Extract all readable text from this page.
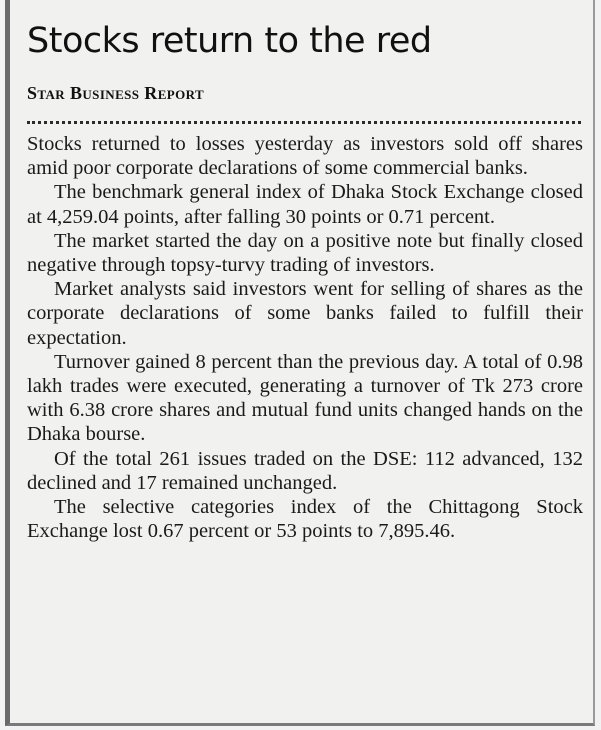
Stocks return to the red
Star Business Report

Stocks returned to losses yesterday as investors sold off shares amid poor corporate declarations of some commercial banks.

The benchmark general index of Dhaka Stock Exchange closed at 4,259.04 points, after falling 30 points or 0.71 percent.

The market started the day on a positive note but finally closed negative through topsy-turvy trading of investors.

Market analysts said investors went for selling of shares as the corporate declarations of some banks failed to fulfill their expectation.

Turnover gained 8 percent than the previous day. A total of 0.98 lakh trades were executed, generating a turnover of Tk 273 crore with 6.38 crore shares and mutual fund units changed hands on the Dhaka bourse.

Of the total 261 issues traded on the DSE: 112 advanced, 132 declined and 17 remained unchanged.

The selective categories index of the Chittagong Stock Exchange lost 0.67 percent or 53 points to 7,895.46.
